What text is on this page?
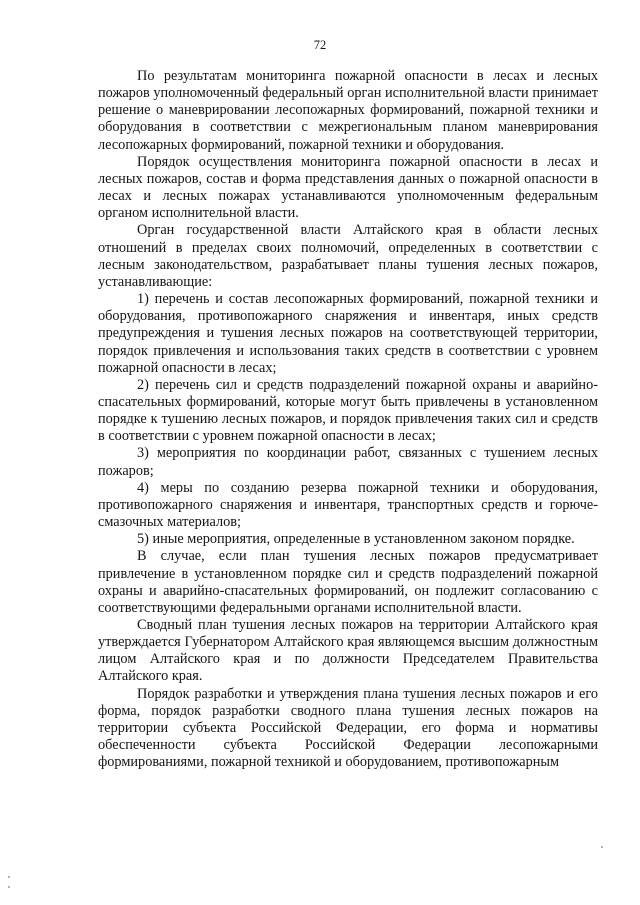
72

По результатам мониторинга пожарной опасности в лесах и лесных пожаров уполномоченный федеральный орган исполнительной власти принимает решение о маневрировании лесопожарных формирований, пожарной техники и оборудования в соответствии с межрегиональным планом маневрирования лесопожарных формирований, пожарной техники и оборудования.

Порядок осуществления мониторинга пожарной опасности в лесах и лесных пожаров, состав и форма представления данных о пожарной опасности в лесах и лесных пожарах устанавливаются уполномоченным федеральным органом исполнительной власти.

Орган государственной власти Алтайского края в области лесных отношений в пределах своих полномочий, определенных в соответствии с лесным законодательством, разрабатывает планы тушения лесных пожаров, устанавливающие:

1) перечень и состав лесопожарных формирований, пожарной техники и оборудования, противопожарного снаряжения и инвентаря, иных средств предупреждения и тушения лесных пожаров на соответствующей территории, порядок привлечения и использования таких средств в соответствии с уровнем пожарной опасности в лесах;

2) перечень сил и средств подразделений пожарной охраны и аварийно-спасательных формирований, которые могут быть привлечены в установленном порядке к тушению лесных пожаров, и порядок привлечения таких сил и средств в соответствии с уровнем пожарной опасности в лесах;

3) мероприятия по координации работ, связанных с тушением лесных пожаров;

4) меры по созданию резерва пожарной техники и оборудования, противопожарного снаряжения и инвентаря, транспортных средств и горюче-смазочных материалов;

5) иные мероприятия, определенные в установленном законом порядке.

В случае, если план тушения лесных пожаров предусматривает привлечение в установленном порядке сил и средств подразделений пожарной охраны и аварийно-спасательных формирований, он подлежит согласованию с соответствующими федеральными органами исполнительной власти.

Сводный план тушения лесных пожаров на территории Алтайского края утверждается Губернатором Алтайского края являющемся высшим должностным лицом Алтайского края и по должности Председателем Правительства Алтайского края.

Порядок разработки и утверждения плана тушения лесных пожаров и его форма, порядок разработки сводного плана тушения лесных пожаров на территории субъекта Российской Федерации, его форма и нормативы обеспеченности субъекта Российской Федерации лесопожарными формированиями, пожарной техникой и оборудованием, противопожарным
